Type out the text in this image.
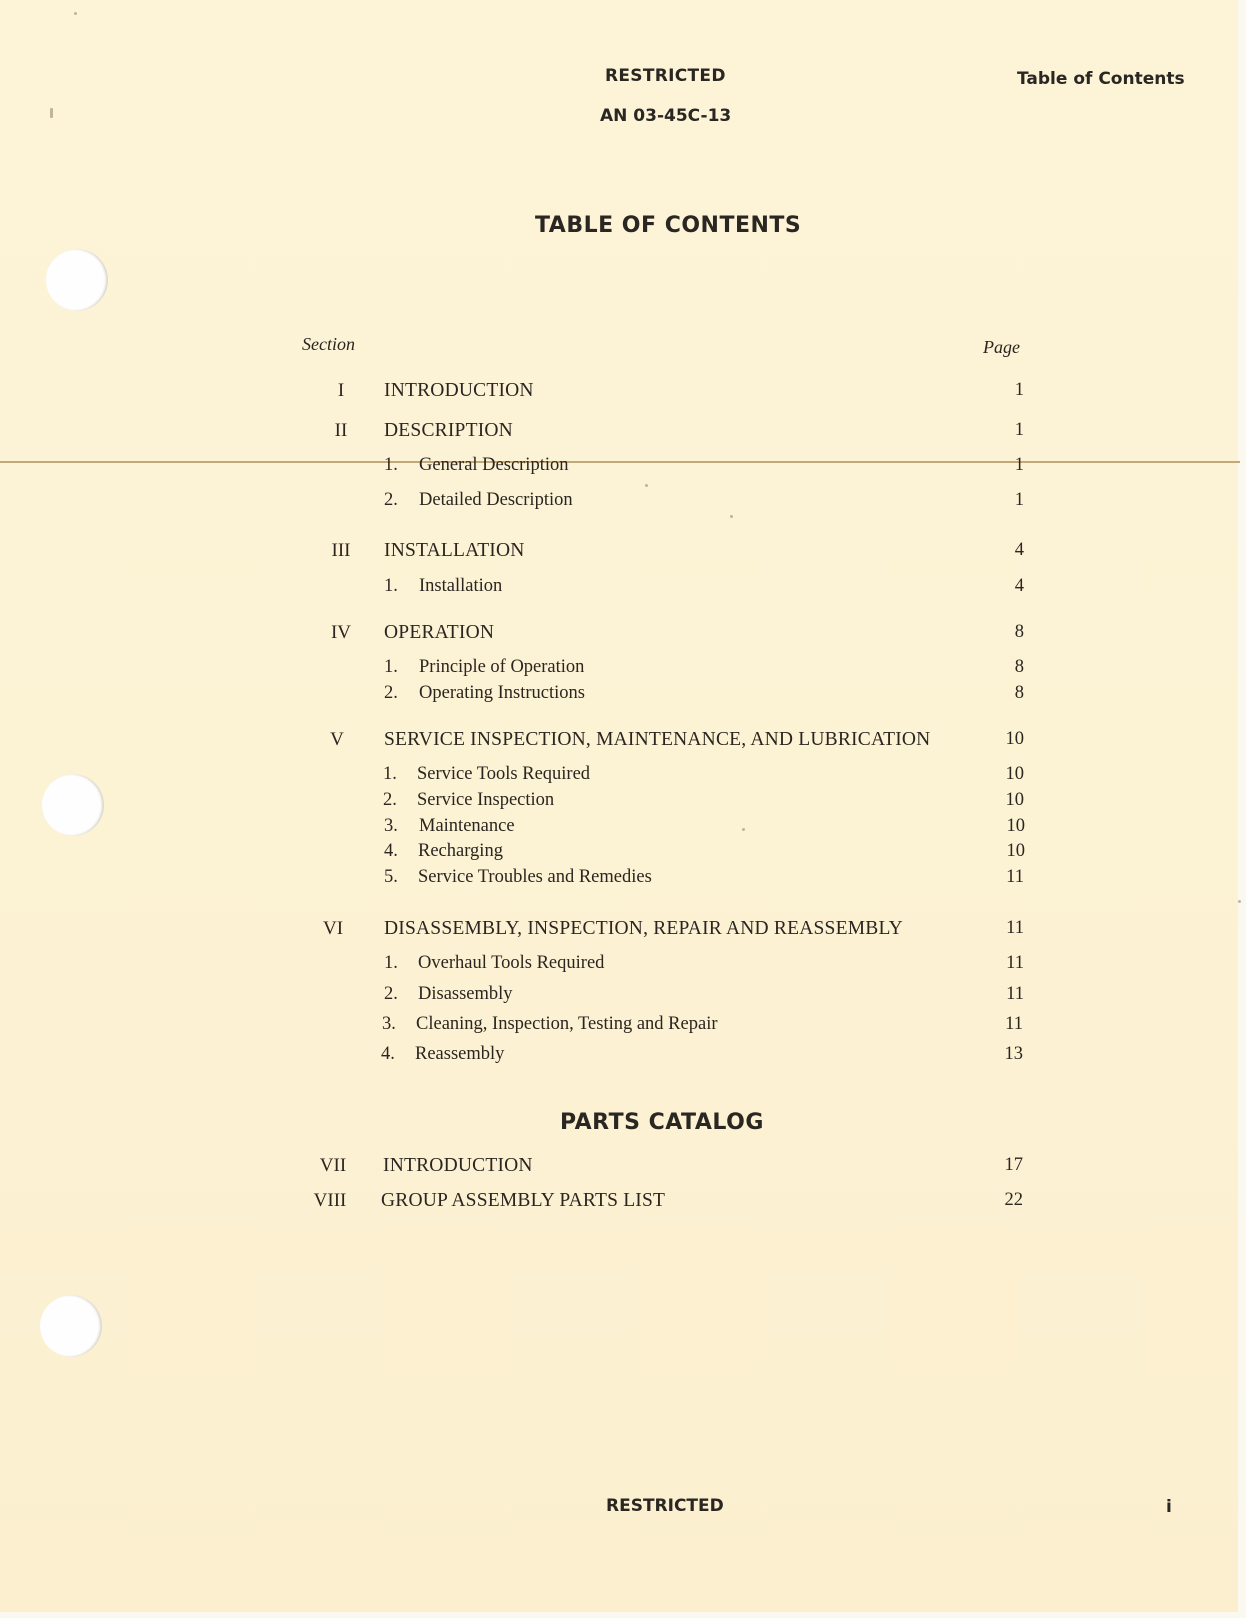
RESTRICTED
AN 03-45C-13
Table of Contents
TABLE OF CONTENTS
Section	Page
I	INTRODUCTION	1
II	DESCRIPTION	1
1. General Description	1
2. Detailed Description	1
III	INSTALLATION	4
1. Installation	4
IV	OPERATION	8
1. Principle of Operation	8
2. Operating Instructions	8
V	SERVICE INSPECTION, MAINTENANCE, AND LUBRICATION	10
1. Service Tools Required	10
2. Service Inspection	10
3. Maintenance	10
4. Recharging	10
5. Service Troubles and Remedies	11
VI	DISASSEMBLY, INSPECTION, REPAIR AND REASSEMBLY	11
1. Overhaul Tools Required	11
2. Disassembly	11
3. Cleaning, Inspection, Testing and Repair	11
4. Reassembly	13
PARTS CATALOG
VII	INTRODUCTION	17
VIII	GROUP ASSEMBLY PARTS LIST	22
RESTRICTED	i
